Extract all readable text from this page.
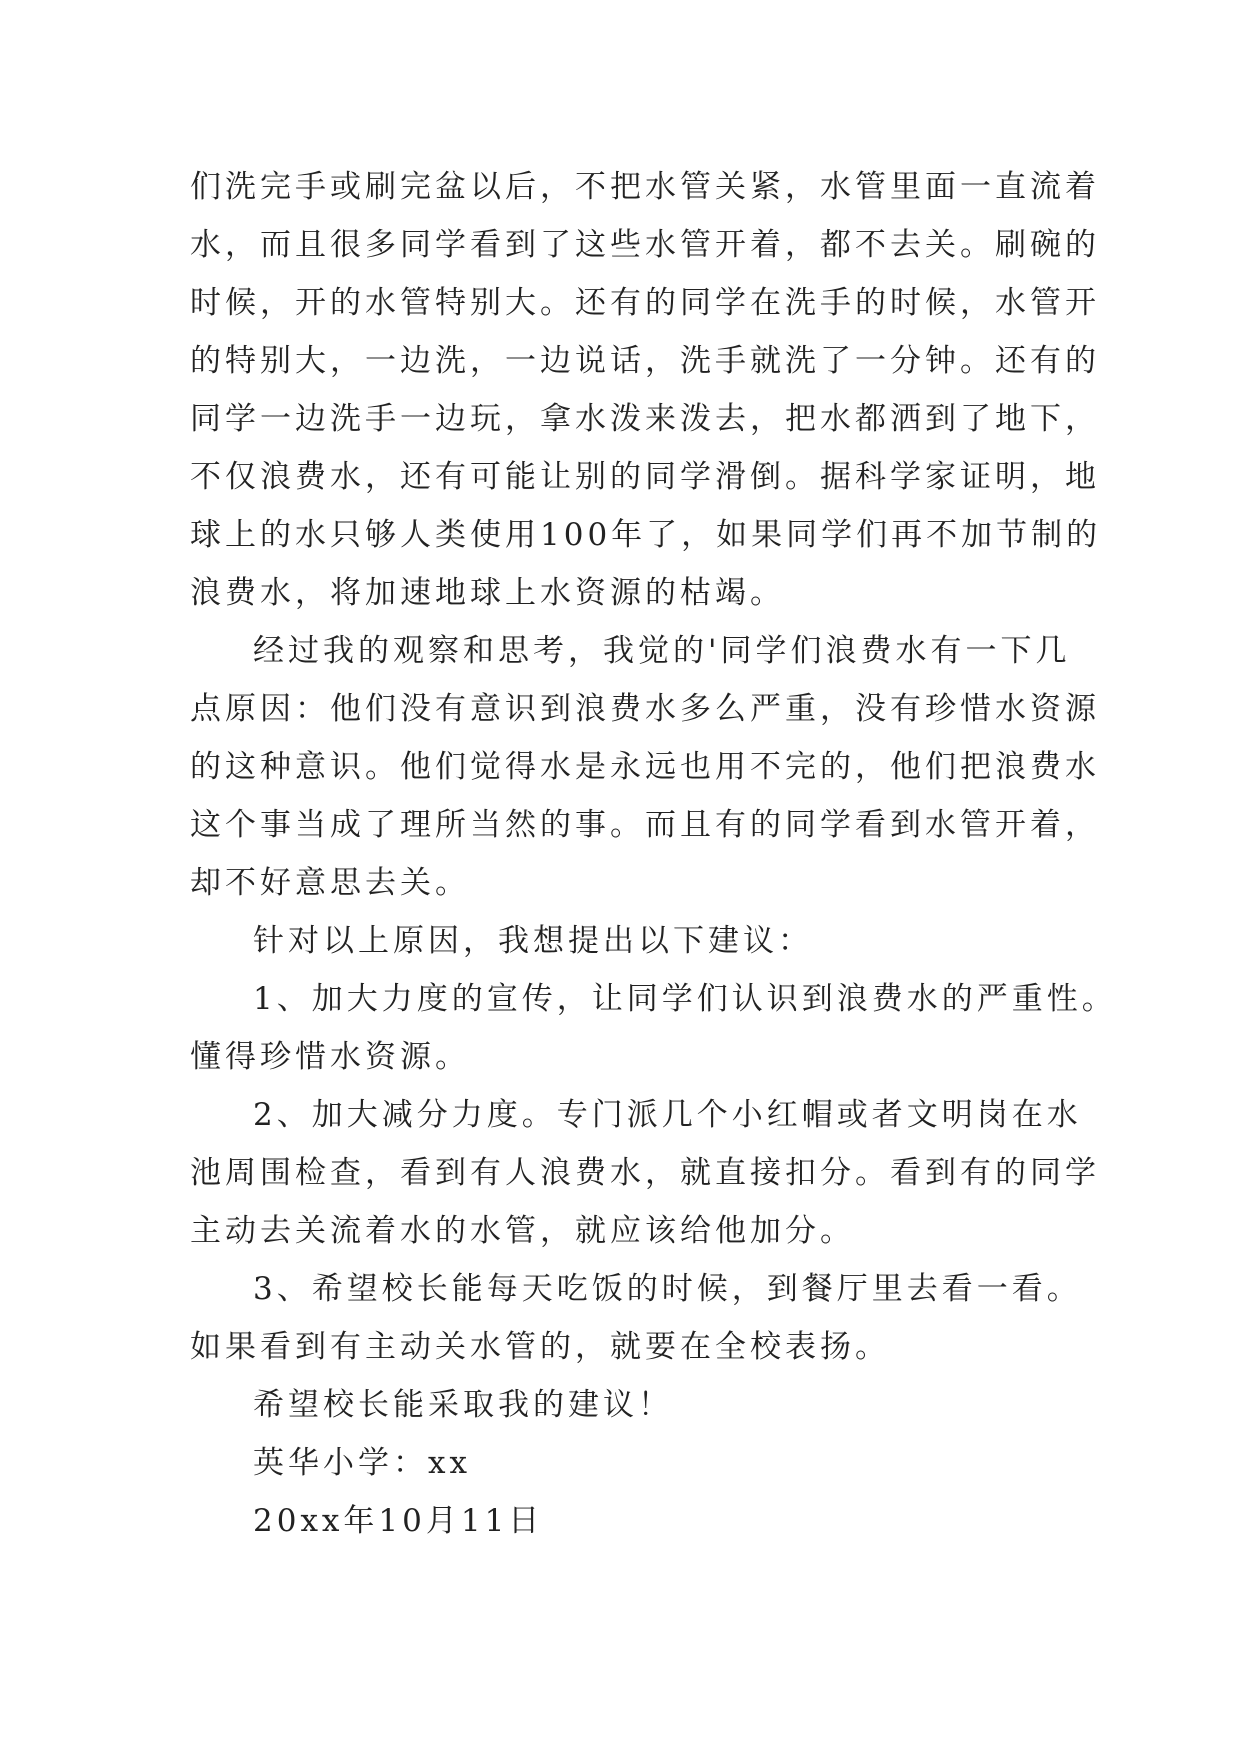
们洗完手或刷完盆以后，不把水管关紧，水管里面一直流着
水，而且很多同学看到了这些水管开着，都不去关。刷碗的
时候，开的水管特别大。还有的同学在洗手的时候，水管开
的特别大，一边洗，一边说话，洗手就洗了一分钟。还有的
同学一边洗手一边玩，拿水泼来泼去，把水都洒到了地下，
不仅浪费水，还有可能让别的同学滑倒。据科学家证明，地
球上的水只够人类使用100年了，如果同学们再不加节制的
浪费水，将加速地球上水资源的枯竭。
经过我的观察和思考，我觉的'同学们浪费水有一下几
点原因：他们没有意识到浪费水多么严重，没有珍惜水资源
的这种意识。他们觉得水是永远也用不完的，他们把浪费水
这个事当成了理所当然的事。而且有的同学看到水管开着，
却不好意思去关。
针对以上原因，我想提出以下建议：
1、加大力度的宣传，让同学们认识到浪费水的严重性。
懂得珍惜水资源。
2、加大减分力度。专门派几个小红帽或者文明岗在水
池周围检查，看到有人浪费水，就直接扣分。看到有的同学
主动去关流着水的水管，就应该给他加分。
3、希望校长能每天吃饭的时候，到餐厅里去看一看。
如果看到有主动关水管的，就要在全校表扬。
希望校长能采取我的建议！
英华小学：xx
20xx年10月11日
